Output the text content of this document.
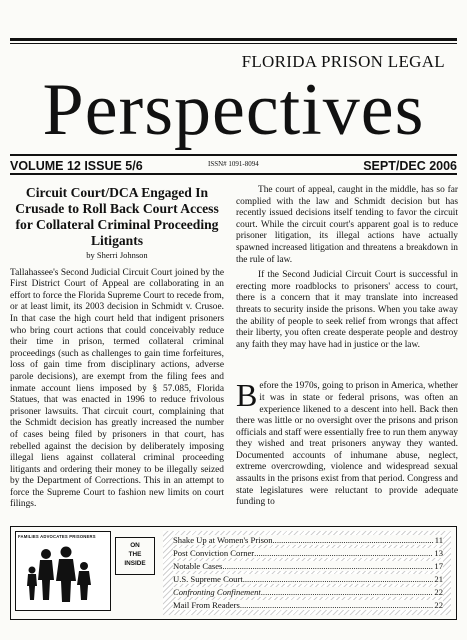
FLORIDA PRISON LEGAL
Perspectives
VOLUME 12 ISSUE 5/6	ISSN# 1091-8094	SEPT/DEC 2006
Circuit Court/DCA Engaged In Crusade to Roll Back Court Access for Collateral Criminal Proceeding Litigants
by Sherri Johnson

Tallahassee's Second Judicial Circuit Court joined by the First District Court of Appeal are collaborating in an effort to force the Florida Supreme Court to recede from, or at least limit, its 2003 decision in Schmidt v. Crusoe. In that case the high court held that indigent prisoners who bring court actions that could conceivably reduce their time in prison, termed collateral criminal proceedings (such as challenges to gain time forfeitures, loss of gain time from disciplinary actions, adverse parole decisions), are exempt from the filing fees and inmate account liens imposed by § 57.085, Florida Statues, that was enacted in 1996 to reduce frivolous prisoner lawsuits. That circuit court, complaining that the Schmidt decision has greatly increased the number of cases being filed by prisoners in that court, has rebelled against the decision by deliberately imposing illegal liens against collateral criminal proceeding litigants and ordering their money to be illegally seized by the Department of Corrections. This in an attempt to force the Supreme Court to fashion new limits on court filings.

The court of appeal, caught in the middle, has so far complied with the law and Schmidt decision but has recently issued decisions itself tending to favor the circuit court. While the circuit court's apparent goal is to reduce prisoner litigation, its illegal actions have actually spawned increased litigation and threatens a breakdown in the rule of law.

If the Second Judicial Circuit Court is successful in erecting more roadblocks to prisoners' access to court, there is a concern that it may translate into increased threats to security inside the prisons. When you take away the ability of people to seek relief from wrongs that affect their liberty, you often create desperate people and destroy any faith they may have had in justice or the law.

Before the 1970s, going to prison in America, whether it was in state or federal prisons, was often an experience likened to a descent into hell. Back then there was little or no oversight over the prisons and prison officials and staff were essentially free to run them anyway they wished and treat prisoners anyway they wanted. Documented accounts of inhumane abuse, neglect, extreme overcrowding, violence and widespread sexual assaults in the prisons exist from that period. Congress and state legislatures were reluctant to provide adequate funding to

FAMILIES ADVOCATES PRISONERS
ON
THE
INSIDE
Shake Up at Women's Prison .....	11
Post Conviction Corner .....	13
Notable Cases .....	17
U.S. Supreme Court .....	21
Confronting Confinement .....	22
Mail From Readers .....	22
